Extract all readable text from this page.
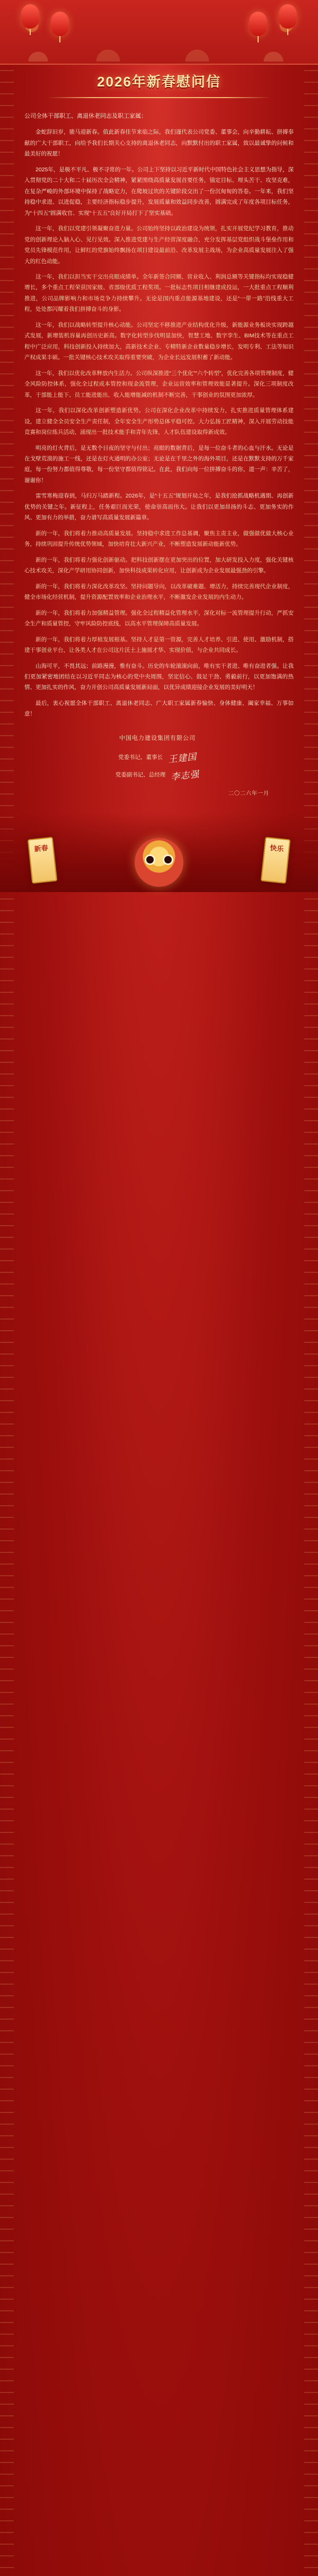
2026年新春慰问信

公司全体干部职工、离退休老同志及职工家属：

金蛇辞旧岁，骏马迎新春。值此新春佳节来临之际，我们谨代表公司党委、董事会，向辛勤耕耘、拼搏奉献的广大干部职工，向给予我们长期关心支持的离退休老同志，向默默付出的职工家属，致以最诚挚的问候和最美好的祝愿！

2025年，是极不平凡、极不寻常的一年。公司上下坚持以习近平新时代中国特色社会主义思想为指导，深入贯彻党的二十大和二十届历次全会精神，紧紧围绕高质量发展首要任务，锚定目标、埋头苦干、攻坚克难，在复杂严峻的外部环境中保持了战略定力，在爬坡过坎的关键阶段交出了一份沉甸甸的答卷。一年来，我们坚持稳中求进、以进促稳，主要经济指标稳步提升，发展质量和效益同步改善，圆满完成了年度各项目标任务，为“十四五”圆满收官、实现“十五五”良好开局打下了坚实基础。

这一年，我们以党建引领凝聚奋进力量。公司始终坚持以政治建设为统领，扎实开展党纪学习教育，推动党的创新理论入脑入心、见行见效。深入推进党建与生产经营深度融合，充分发挥基层党组织战斗堡垒作用和党员先锋模范作用，让鲜红的党旗始终飘扬在项目建设最前沿、改革发展主战场，为企业高质量发展注入了强大的红色动能。

这一年，我们以担当实干交出亮眼成绩单。全年新签合同额、营业收入、利润总额等关键指标均实现稳健增长，多个重点工程荣获国家级、省部级优质工程奖项。一批标志性项目相继建成投运，一大批重点工程顺利推进，公司品牌影响力和市场竞争力持续攀升。无论是国内重点能源基地建设，还是“一带一路”沿线重大工程，处处都闪耀着我们拼搏奋斗的身影。

这一年，我们以战略转型提升核心动能。公司坚定不移推进产业结构优化升级，新能源业务板块实现跨越式发展，新增装机容量再创历史新高。数字化转型步伐明显加快，智慧工地、数字孪生、BIM技术等在重点工程中广泛应用，科技创新投入持续加大，高新技术企业、专精特新企业数量稳步增长，发明专利、工法等知识产权成果丰硕。一批关键核心技术攻关取得重要突破，为企业长远发展积蓄了新动能。

这一年，我们以优化改革释放内生活力。公司纵深推进“三个优化”“六个转型”，优化完善各项管理制度，健全风险防控体系，强化全过程成本管控和现金流管理，企业运营效率和管理效能显著提升。深化三项制度改革，干部能上能下、员工能进能出、收入能增能减的机制不断完善，干事创业的氛围更加浓厚。

这一年，我们以深化改革创新塑造新优势。公司在深化企业改革中持续发力，扎实推进质量管理体系建设，建立健全全员安全生产责任制，全年安全生产形势总体平稳可控。大力弘扬工匠精神，深入开展劳动技能竞赛和岗位练兵活动，涌现出一批技术能手和青年先锋，人才队伍建设取得新成效。

明亮的灯火背后，是无数个日夜的坚守与付出；亮眼的数据背后，是每一位奋斗者的心血与汗水。无论是在戈壁荒漠的施工一线，还是在灯火通明的办公室；无论是在千里之外的海外项目，还是在默默支持的万千家庭，每一份努力都值得尊敬，每一份坚守都值得铭记。在此，我们向每一位拼搏奋斗的你，道一声：辛苦了，谢谢你！

雷雪寒梅迎春到，马归万马踏新程。2026年，是“十五五”规划开局之年，是我们抢抓战略机遇期、再创新优势的关键之年。新征程上，任务艰巨而光荣，使命崇高而伟大。让我们以更加昂扬的斗志、更加务实的作风、更加有力的举措，奋力谱写高质量发展新篇章。

新的一年，我们将着力推动高质量发展。坚持稳中求进工作总基调，聚焦主责主业，做强做优做大核心业务，持续巩固提升传统优势领域，加快培育壮大新兴产业，不断塑造发展新动能新优势。

新的一年，我们将着力强化创新驱动。把科技创新摆在更加突出的位置，加大研发投入力度，强化关键核心技术攻关，深化产学研用协同创新，加快科技成果转化应用，让创新成为企业发展最强劲的引擎。

新的一年，我们将着力深化改革攻坚。坚持问题导向，以改革破难题、增活力，持续完善现代企业制度，健全市场化经营机制，提升资源配置效率和企业治理水平，不断激发企业发展的内生动力。

新的一年，我们将着力加强精益管理。强化全过程精益化管理水平，深化对标一流管理提升行动，严抓安全生产和质量管控，守牢风险防控底线，以高水平管理保障高质量发展。

新的一年，我们将着力厚植发展根基。坚持人才是第一资源，完善人才培养、引进、使用、激励机制，搭建干事创业平台，让各类人才在公司这片沃土上施展才华、实现价值，与企业共同成长。

山海可平，不畏其远；前路漫漫，惟有奋斗。历史的车轮滚滚向前，唯有实干者进、唯有奋进者强。让我们更加紧密地团结在以习近平同志为核心的党中央周围，坚定信心、鼓足干劲、勇毅前行，以更加饱满的热情、更加扎实的作风，奋力开创公司高质量发展新局面，以优异成绩迎接企业发展的美好明天！

最后，衷心祝愿全体干部职工、离退休老同志、广大职工家属新春愉快、身体健康、阖家幸福、万事如意！

中国电力建设集团有限公司
党委书记、董事长 王建国
党委副书记、总经理 李志强
二〇二六年一月
新春	快乐
